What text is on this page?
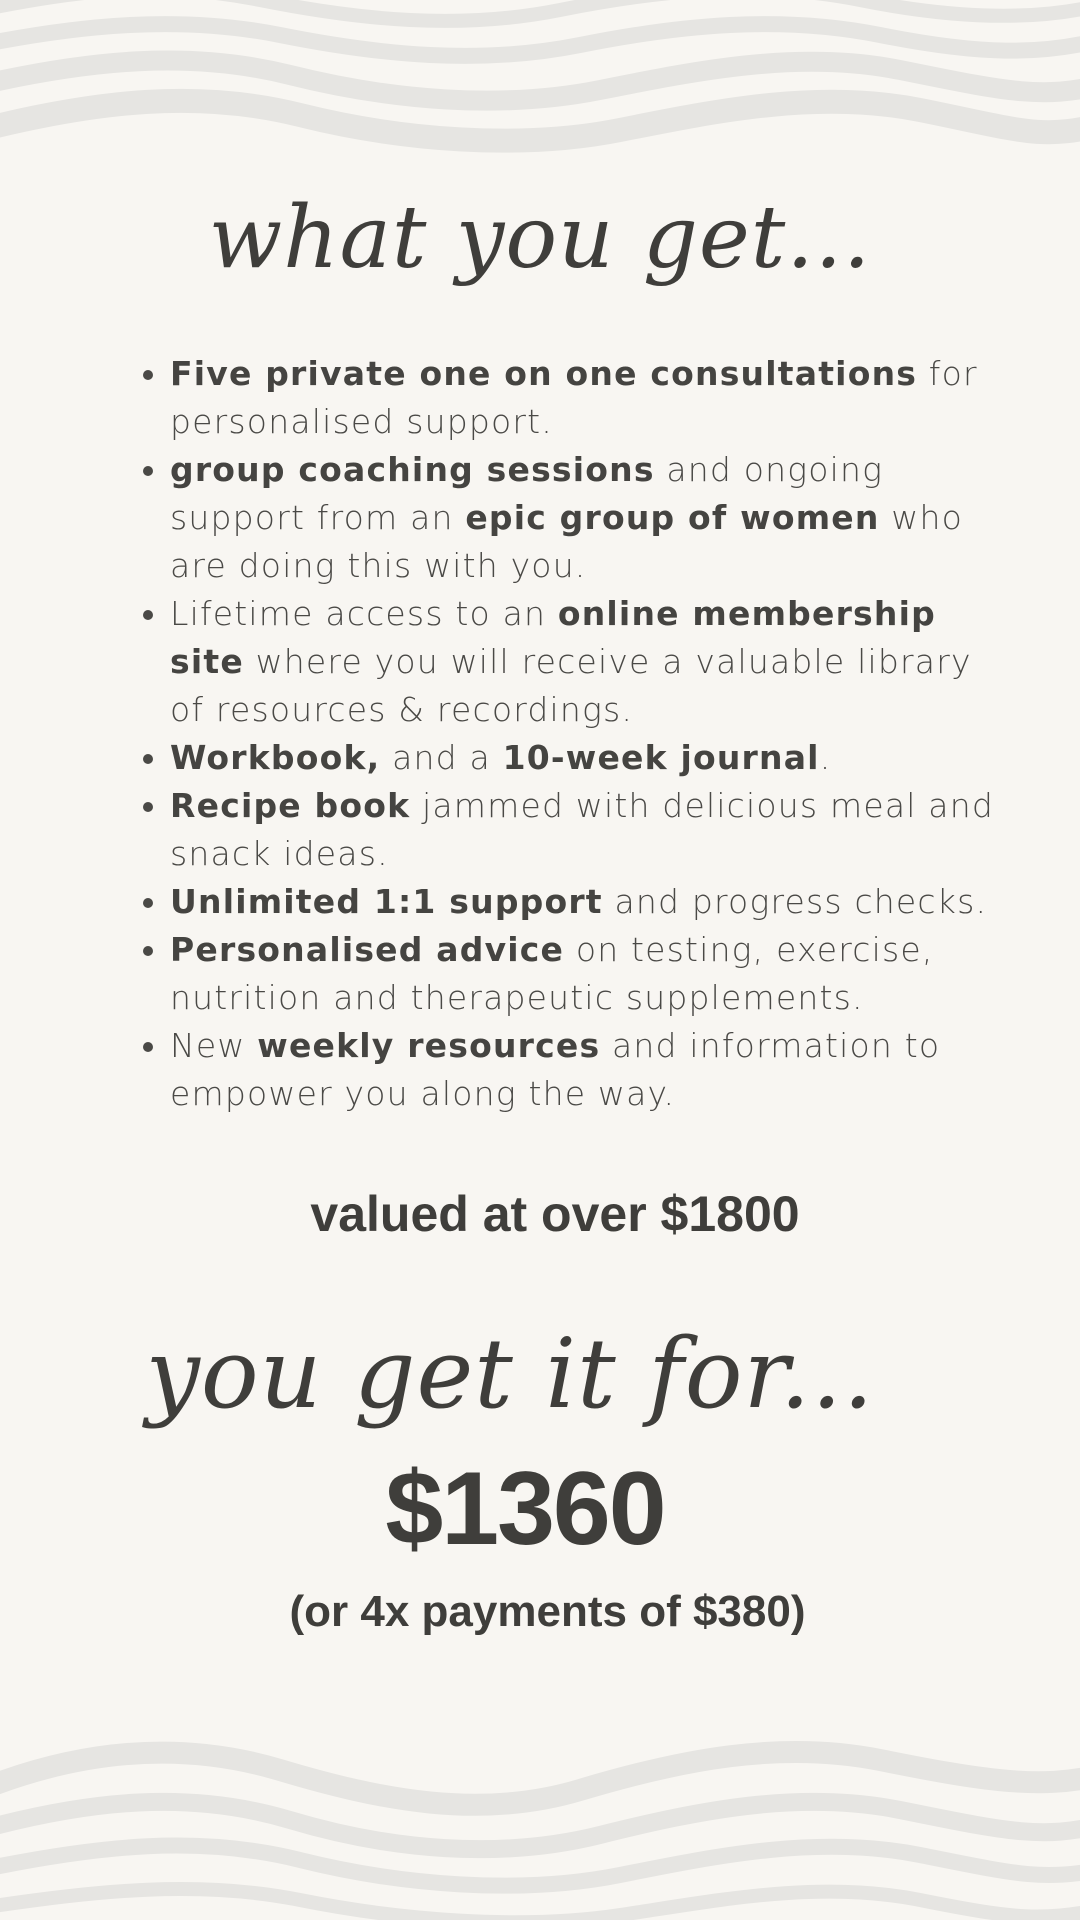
what you get...
Five private one on one consultations for personalised support.
group coaching sessions and ongoing support from an epic group of women who are doing this with you.
Lifetime access to an online membership site where you will receive a valuable library of resources & recordings.
Workbook, and a 10-week journal.
Recipe book jammed with delicious meal and snack ideas.
Unlimited 1:1 support and progress checks.
Personalised advice on testing, exercise, nutrition and therapeutic supplements.
New weekly resources and information to empower you along the way.
valued at over $1800
you get it for...
$1360
(or 4x payments of $380)
